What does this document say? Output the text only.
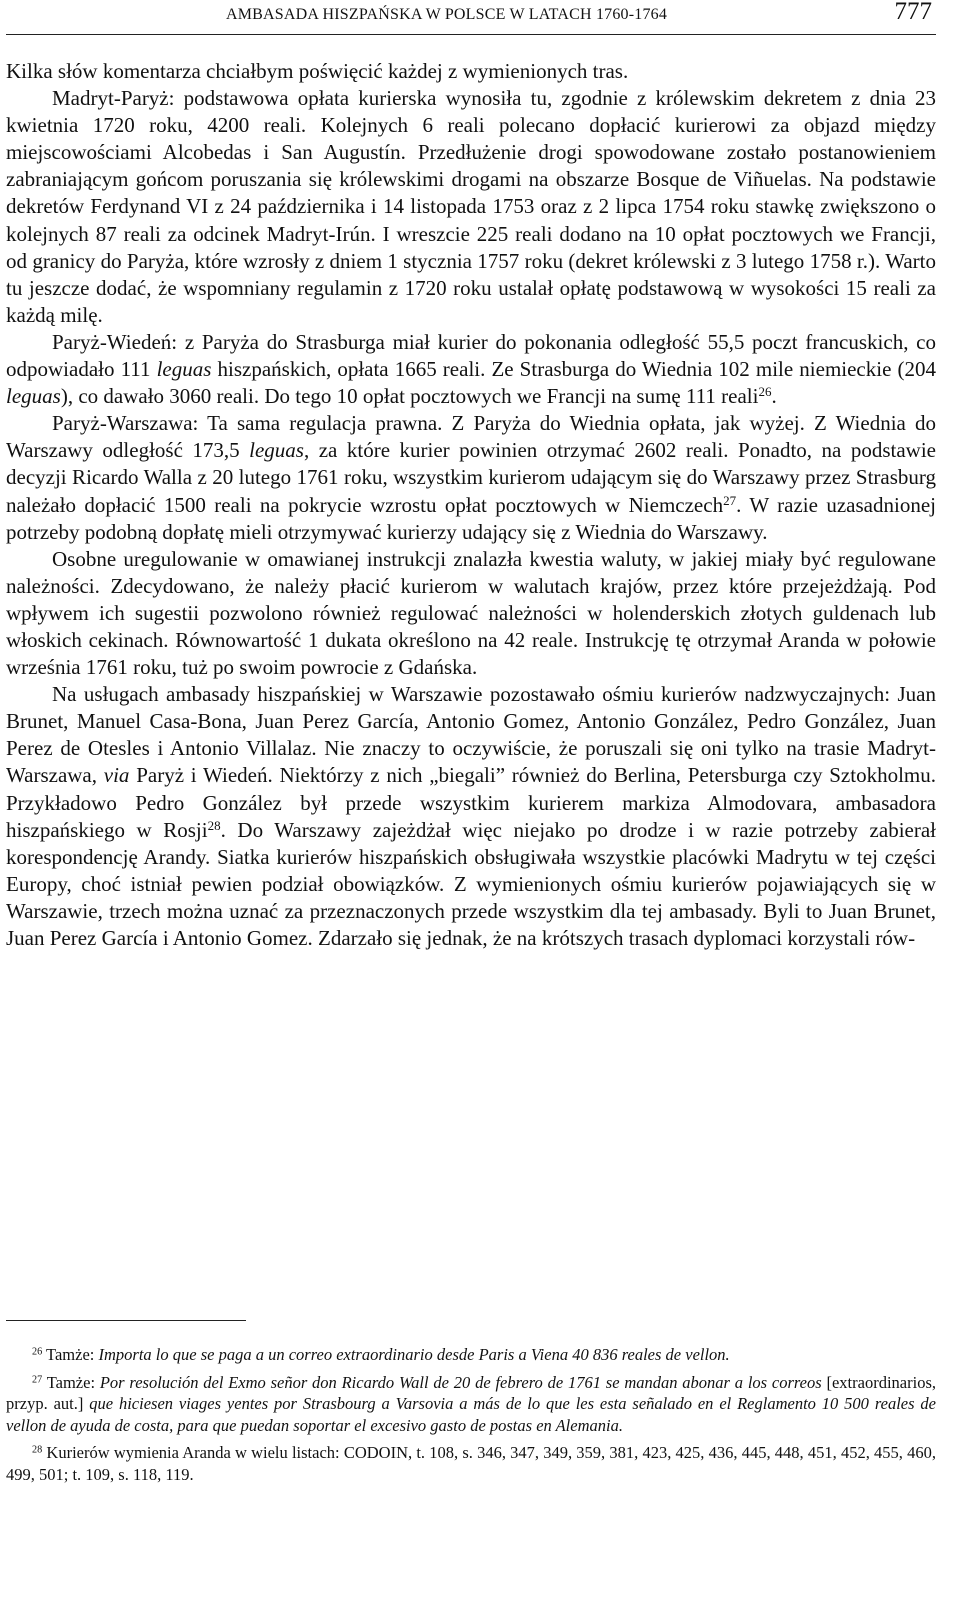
AMBASADA HISZPAŃSKA W POLSCE W LATACH 1760-1764	777

Kilka słów komentarza chciałbym poświęcić każdej z wymienionych tras.

Madryt-Paryż: podstawowa opłata kurierska wynosiła tu, zgodnie z królewskim dekretem z dnia 23 kwietnia 1720 roku, 4200 reali. Kolejnych 6 reali polecano dopłacić kurierowi za objazd między miejscowościami Alcobedas i San Augustín. Przedłużenie drogi spowodowane zostało postanowieniem zabraniającym gońcom poruszania się królewskimi drogami na obszarze Bosque de Viñuelas. Na podstawie dekretów Ferdynand VI z 24 października i 14 listopada 1753 oraz z 2 lipca 1754 roku stawkę zwiększono o kolejnych 87 reali za odcinek Madryt-Irún. I wreszcie 225 reali dodano na 10 opłat pocztowych we Francji, od granicy do Paryża, które wzrosły z dniem 1 stycznia 1757 roku (dekret królewski z 3 lutego 1758 r.). Warto tu jeszcze dodać, że wspomniany regulamin z 1720 roku ustalał opłatę podstawową w wysokości 15 reali za każdą milę.

Paryż-Wiedeń: z Paryża do Strasburga miał kurier do pokonania odległość 55,5 poczt francuskich, co odpowiadało 111 leguas hiszpańskich, opłata 1665 reali. Ze Strasburga do Wiednia 102 mile niemieckie (204 leguas), co dawało 3060 reali. Do tego 10 opłat pocztowych we Francji na sumę 111 reali$^{26}$.

Paryż-Warszawa: Ta sama regulacja prawna. Z Paryża do Wiednia opłata, jak wyżej. Z Wiednia do Warszawy odległość 173,5 leguas, za które kurier powinien otrzymać 2602 reali. Ponadto, na podstawie decyzji Ricardo Walla z 20 lutego 1761 roku, wszystkim kurierom udającym się do Warszawy przez Strasburg należało dopłacić 1500 reali na pokrycie wzrostu opłat pocztowych w Niemczech$^{27}$. W razie uzasadnionej potrzeby podobną dopłatę mieli otrzymywać kurierzy udający się z Wiednia do Warszawy.

Osobne uregulowanie w omawianej instrukcji znalazła kwestia waluty, w jakiej miały być regulowane należności. Zdecydowano, że należy płacić kurierom w walutach krajów, przez które przejeżdżają. Pod wpływem ich sugestii pozwolono również regulować należności w holenderskich złotych guldenach lub włoskich cekinach. Równowartość 1 dukata określono na 42 reale. Instrukcję tę otrzymał Aranda w połowie września 1761 roku, tuż po swoim powrocie z Gdańska.

Na usługach ambasady hiszpańskiej w Warszawie pozostawało ośmiu kurierów nadzwyczajnych: Juan Brunet, Manuel Casa-Bona, Juan Perez García, Antonio Gomez, Antonio González, Pedro González, Juan Perez de Otesles i Antonio Villalaz. Nie znaczy to oczywiście, że poruszali się oni tylko na trasie Madryt-Warszawa, via Paryż i Wiedeń. Niektórzy z nich „biegali” również do Berlina, Petersburga czy Sztokholmu. Przykładowo Pedro González był przede wszystkim kurierem markiza Almodovara, ambasadora hiszpańskiego w Rosji$^{28}$. Do Warszawy zajeżdżał więc niejako po drodze i w razie potrzeby zabierał korespondencję Arandy. Siatka kurierów hiszpańskich obsługiwała wszystkie placówki Madrytu w tej części Europy, choć istniał pewien podział obowiązków. Z wymienionych ośmiu kurierów pojawiających się w Warszawie, trzech można uznać za przeznaczonych przede wszystkim dla tej ambasady. Byli to Juan Brunet, Juan Perez García i Antonio Gomez. Zdarzało się jednak, że na krótszych trasach dyplomaci korzystali rów-

$^{26}$ Tamże: Importa lo que se paga a un correo extraordinario desde Paris a Viena 40 836 reales de vellon.

$^{27}$ Tamże: Por resolución del Exmo señor don Ricardo Wall de 20 de febrero de 1761 se mandan abonar a los correos [extraordinarios, przyp. aut.] que hiciesen viages yentes por Strasbourg a Varsovia a más de lo que les esta señalado en el Reglamento 10 500 reales de vellon de ayuda de costa, para que puedan soportar el excesivo gasto de postas en Alemania.

$^{28}$ Kurierów wymienia Aranda w wielu listach: CODOIN, t. 108, s. 346, 347, 349, 359, 381, 423, 425, 436, 445, 448, 451, 452, 455, 460, 499, 501; t. 109, s. 118, 119.
